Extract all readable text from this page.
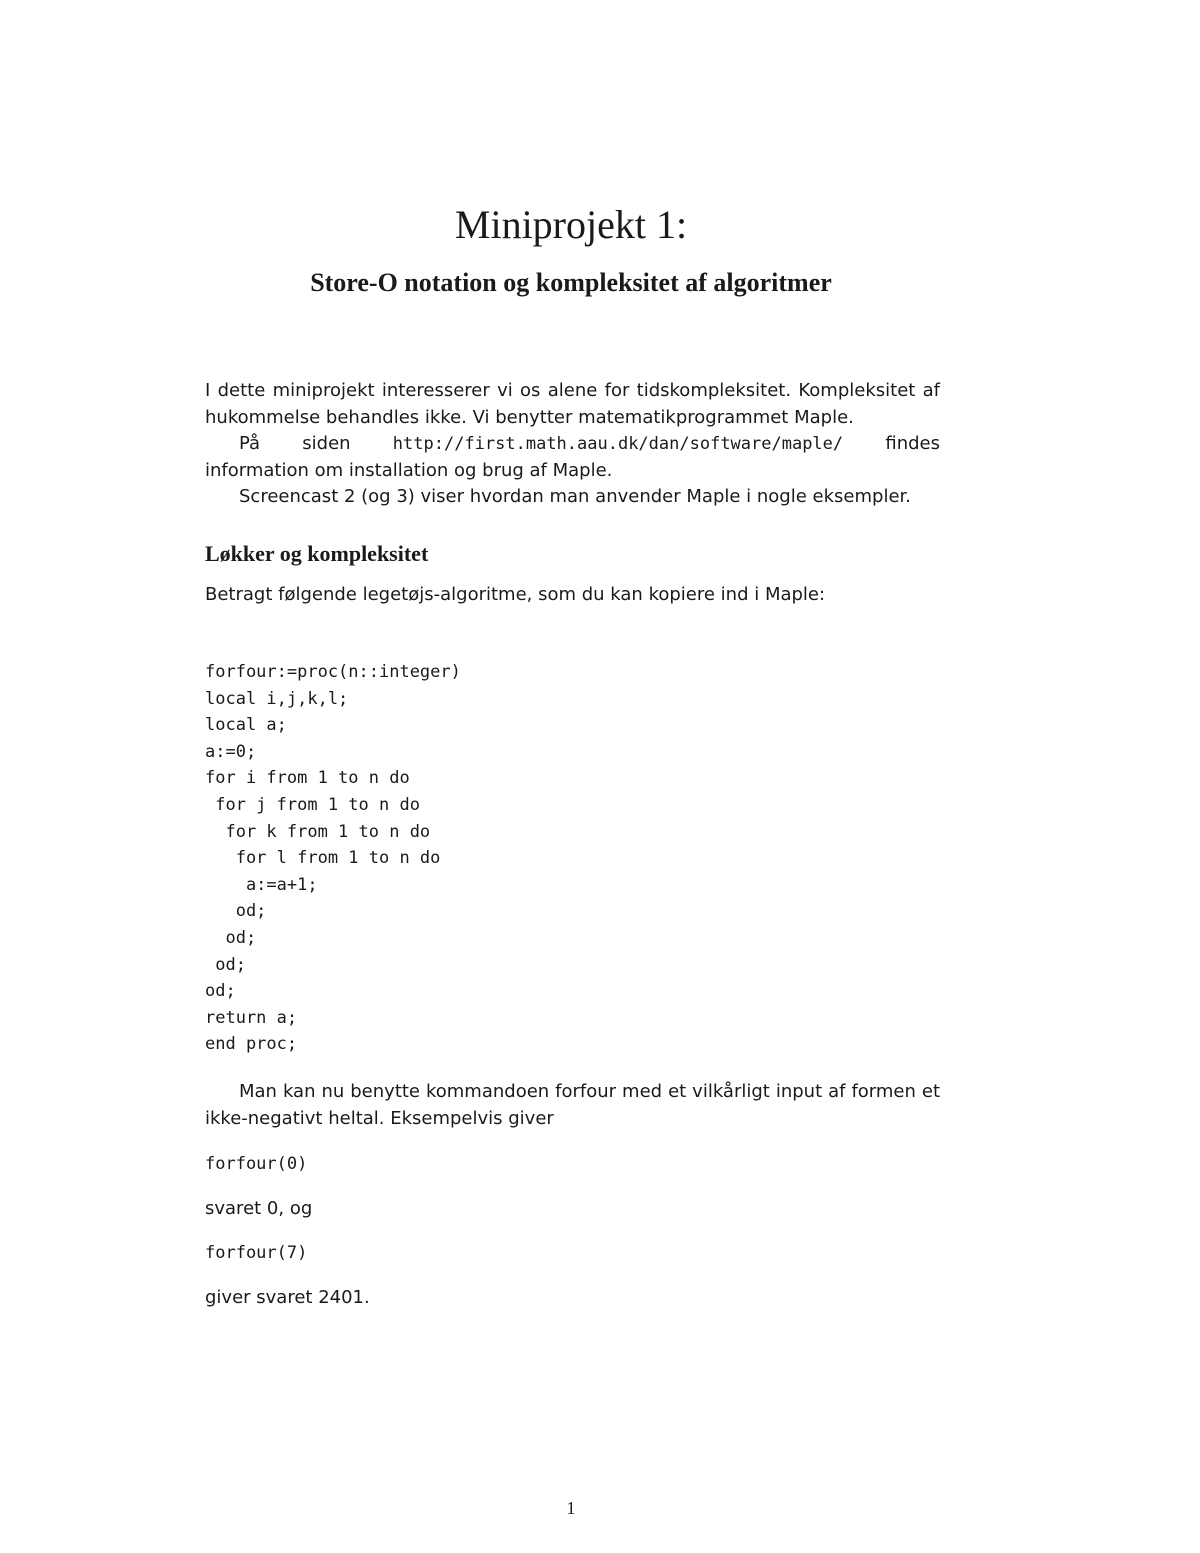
Miniprojekt 1:
Store-O notation og kompleksitet af algoritmer

I dette miniprojekt interesserer vi os alene for tidskompleksitet. Kompleksitet af hukommelse behandles ikke. Vi benytter matematikprogrammet Maple.

På siden http://first.math.aau.dk/dan/software/maple/ findes information om installation og brug af Maple.

Screencast 2 (og 3) viser hvordan man anvender Maple i nogle eksempler.

Løkker og kompleksitet

Betragt følgende legetøjs-algoritme, som du kan kopiere ind i Maple:

forfour:=proc(n::integer)
local i,j,k,l;
local a;
a:=0;
for i from 1 to n do
for j from 1 to n do
for k from 1 to n do
for l from 1 to n do
a:=a+1;
od;
od;
od;
od;
return a;
end proc;

Man kan nu benytte kommandoen forfour med et vilkårligt input af formen et ikke-negativt heltal. Eksempelvis giver

forfour(0)

svaret 0, og

forfour(7)

giver svaret 2401.

1
